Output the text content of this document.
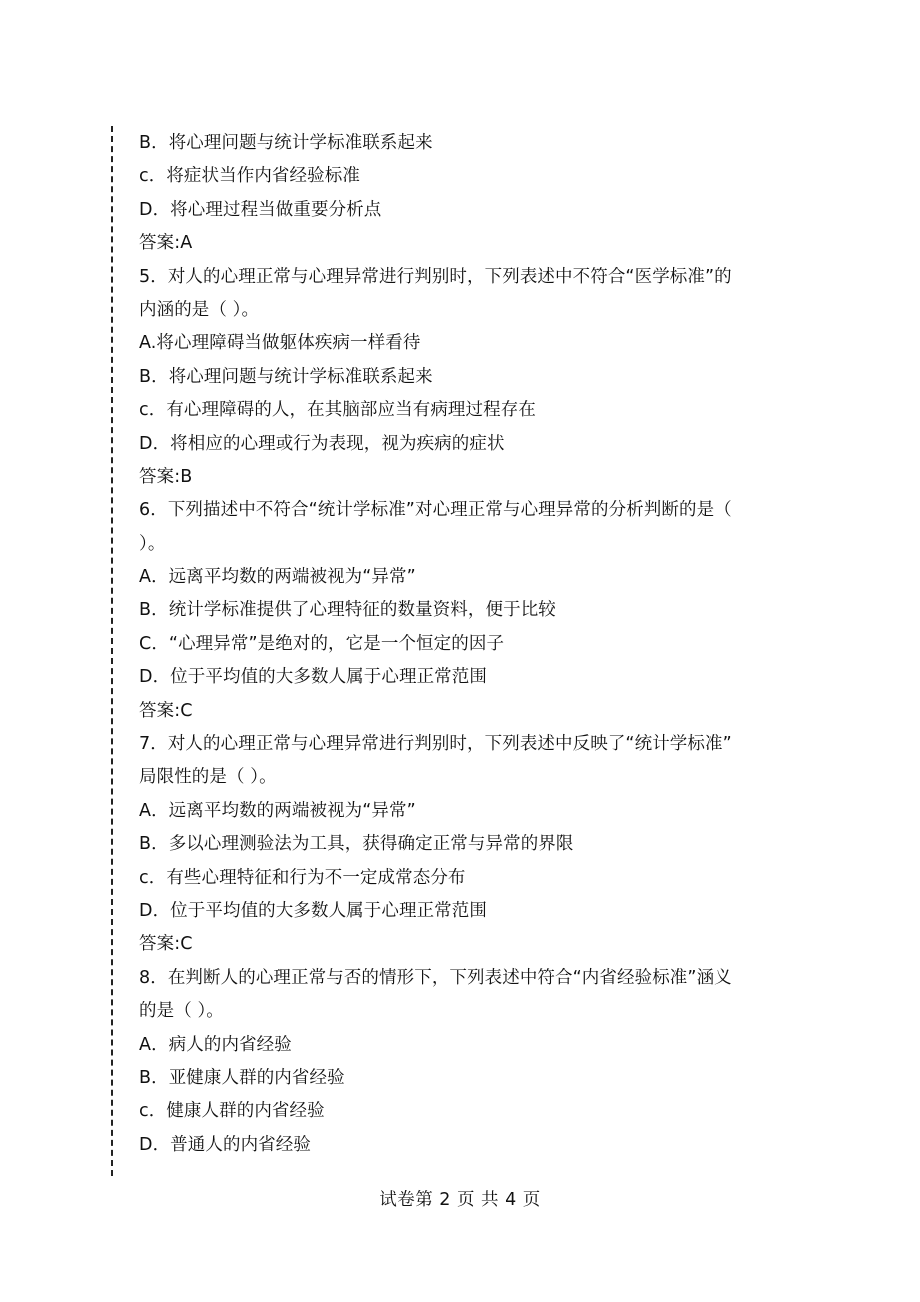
B．将心理问题与统计学标准联系起来
c．将症状当作内省经验标准
D．将心理过程当做重要分析点
答案:A
5．对人的心理正常与心理异常进行判别时，下列表述中不符合“医学标准”的
内涵的是（ ）。
A.将心理障碍当做躯体疾病一样看待
B．将心理问题与统计学标准联系起来
c．有心理障碍的人，在其脑部应当有病理过程存在
D．将相应的心理或行为表现，视为疾病的症状
答案:B
6．下列描述中不符合“统计学标准”对心理正常与心理异常的分析判断的是（
）。
A．远离平均数的两端被视为“异常”
B．统计学标准提供了心理特征的数量资料，便于比较
C．“心理异常”是绝对的，它是一个恒定的因子
D．位于平均值的大多数人属于心理正常范围
答案:C
7．对人的心理正常与心理异常进行判别时，下列表述中反映了“统计学标准”
局限性的是（ ）。
A．远离平均数的两端被视为“异常”
B．多以心理测验法为工具，获得确定正常与异常的界限
c．有些心理特征和行为不一定成常态分布
D．位于平均值的大多数人属于心理正常范围
答案:C
8．在判断人的心理正常与否的情形下，下列表述中符合“内省经验标准”涵义
的是（ ）。
A．病人的内省经验
B．亚健康人群的内省经验
c．健康人群的内省经验
D．普通人的内省经验
试卷第 2 页 共 4 页
